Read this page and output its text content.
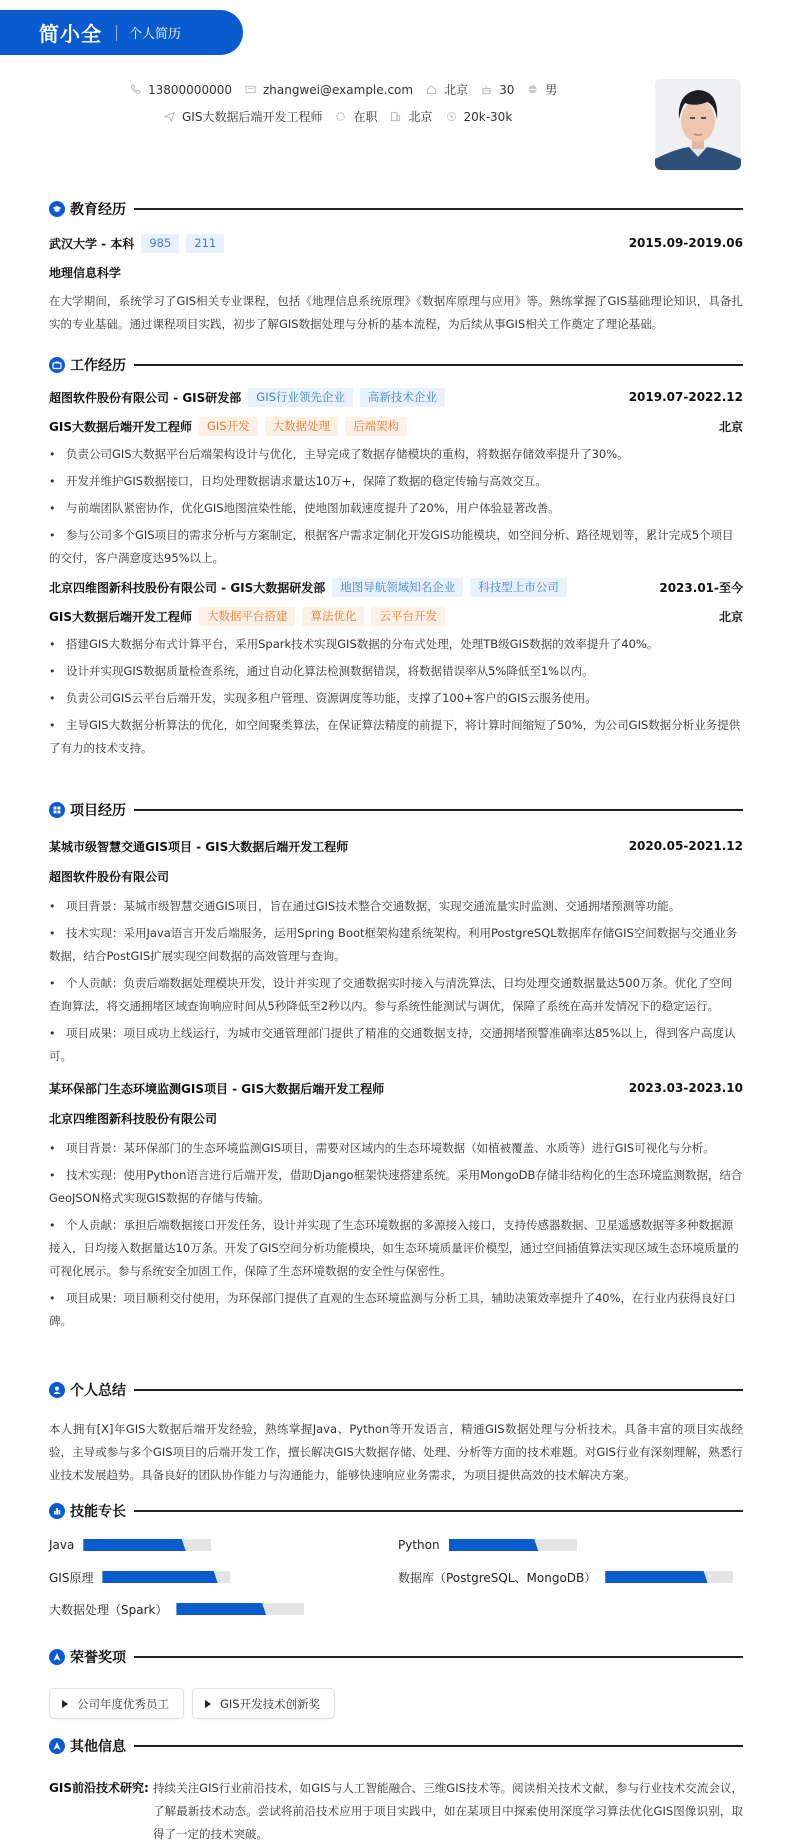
简小全 个人简历
13800000000	zhangwei@example.com	北京	30	男
GIS大数据后端开发工程师	在职	北京	20k-30k
教育经历
武汉大学 - 本科	985	211	2015.09-2019.06
地理信息科学

在大学期间，系统学习了GIS相关专业课程，包括《地理信息系统原理》《数据库原理与应用》等。熟练掌握了GIS基础理论知识，具备扎实的专业基础。通过课程项目实践，初步了解GIS数据处理与分析的基本流程，为后续从事GIS相关工作奠定了理论基础。

工作经历
超图软件股份有限公司 - GIS研发部	GIS行业领先企业	高新技术企业	2019.07-2022.12
GIS大数据后端开发工程师	GIS开发	大数据处理	后端架构	北京
•负责公司GIS大数据平台后端架构设计与优化，主导完成了数据存储模块的重构，将数据存储效率提升了30%。
•开发并维护GIS数据接口，日均处理数据请求量达10万+，保障了数据的稳定传输与高效交互。
•与前端团队紧密协作，优化GIS地图渲染性能，使地图加载速度提升了20%，用户体验显著改善。
•参与公司多个GIS项目的需求分析与方案制定，根据客户需求定制化开发GIS功能模块，如空间分析、路径规划等，累计完成5个项目的交付，客户满意度达95%以上。
北京四维图新科技股份有限公司 - GIS大数据研发部	地图导航领域知名企业	科技型上市公司	2023.01-至今
GIS大数据后端开发工程师	大数据平台搭建	算法优化	云平台开发	北京
•搭建GIS大数据分布式计算平台，采用Spark技术实现GIS数据的分布式处理，处理TB级GIS数据的效率提升了40%。
•设计并实现GIS数据质量检查系统，通过自动化算法检测数据错误，将数据错误率从5%降低至1%以内。
•负责公司GIS云平台后端开发，实现多租户管理、资源调度等功能，支撑了100+客户的GIS云服务使用。
•主导GIS大数据分析算法的优化，如空间聚类算法，在保证算法精度的前提下，将计算时间缩短了50%，为公司GIS数据分析业务提供了有力的技术支持。
项目经历
某城市级智慧交通GIS项目 - GIS大数据后端开发工程师	2020.05-2021.12
超图软件股份有限公司
•项目背景：某城市级智慧交通GIS项目，旨在通过GIS技术整合交通数据，实现交通流量实时监测、交通拥堵预测等功能。
•技术实现：采用Java语言开发后端服务，运用Spring Boot框架构建系统架构。利用PostgreSQL数据库存储GIS空间数据与交通业务数据，结合PostGIS扩展实现空间数据的高效管理与查询。
•个人贡献：负责后端数据处理模块开发，设计并实现了交通数据实时接入与清洗算法，日均处理交通数据量达500万条。优化了空间查询算法，将交通拥堵区域查询响应时间从5秒降低至2秒以内。参与系统性能测试与调优，保障了系统在高并发情况下的稳定运行。
•项目成果：项目成功上线运行，为城市交通管理部门提供了精准的交通数据支持，交通拥堵预警准确率达85%以上，得到客户高度认可。
某环保部门生态环境监测GIS项目 - GIS大数据后端开发工程师	2023.03-2023.10
北京四维图新科技股份有限公司
•项目背景：某环保部门的生态环境监测GIS项目，需要对区域内的生态环境数据（如植被覆盖、水质等）进行GIS可视化与分析。
•技术实现：使用Python语言进行后端开发，借助Django框架快速搭建系统。采用MongoDB存储非结构化的生态环境监测数据，结合GeoJSON格式实现GIS数据的存储与传输。
•个人贡献：承担后端数据接口开发任务，设计并实现了生态环境数据的多源接入接口，支持传感器数据、卫星遥感数据等多种数据源接入，日均接入数据量达10万条。开发了GIS空间分析功能模块，如生态环境质量评价模型，通过空间插值算法实现区域生态环境质量的可视化展示。参与系统安全加固工作，保障了生态环境数据的安全性与保密性。
•项目成果：项目顺利交付使用，为环保部门提供了直观的生态环境监测与分析工具，辅助决策效率提升了40%，在行业内获得良好口碑。
个人总结

本人拥有[X]年GIS大数据后端开发经验，熟练掌握Java、Python等开发语言，精通GIS数据处理与分析技术。具备丰富的项目实战经验，主导或参与多个GIS项目的后端开发工作，擅长解决GIS大数据存储、处理、分析等方面的技术难题。对GIS行业有深刻理解，熟悉行业技术发展趋势。具备良好的团队协作能力与沟通能力，能够快速响应业务需求，为项目提供高效的技术解决方案。

技能专长
Java	Python
GIS原理	数据库（PostgreSQL、MongoDB）
大数据处理（Spark）
荣誉奖项
公司年度优秀员工	GIS开发技术创新奖
其他信息
GIS前沿技术研究: 持续关注GIS行业前沿技术，如GIS与人工智能融合、三维GIS技术等。阅读相关技术文献，参与行业技术交流会议，了解最新技术动态。尝试将前沿技术应用于项目实践中，如在某项目中探索使用深度学习算法优化GIS图像识别，取得了一定的技术突破。
